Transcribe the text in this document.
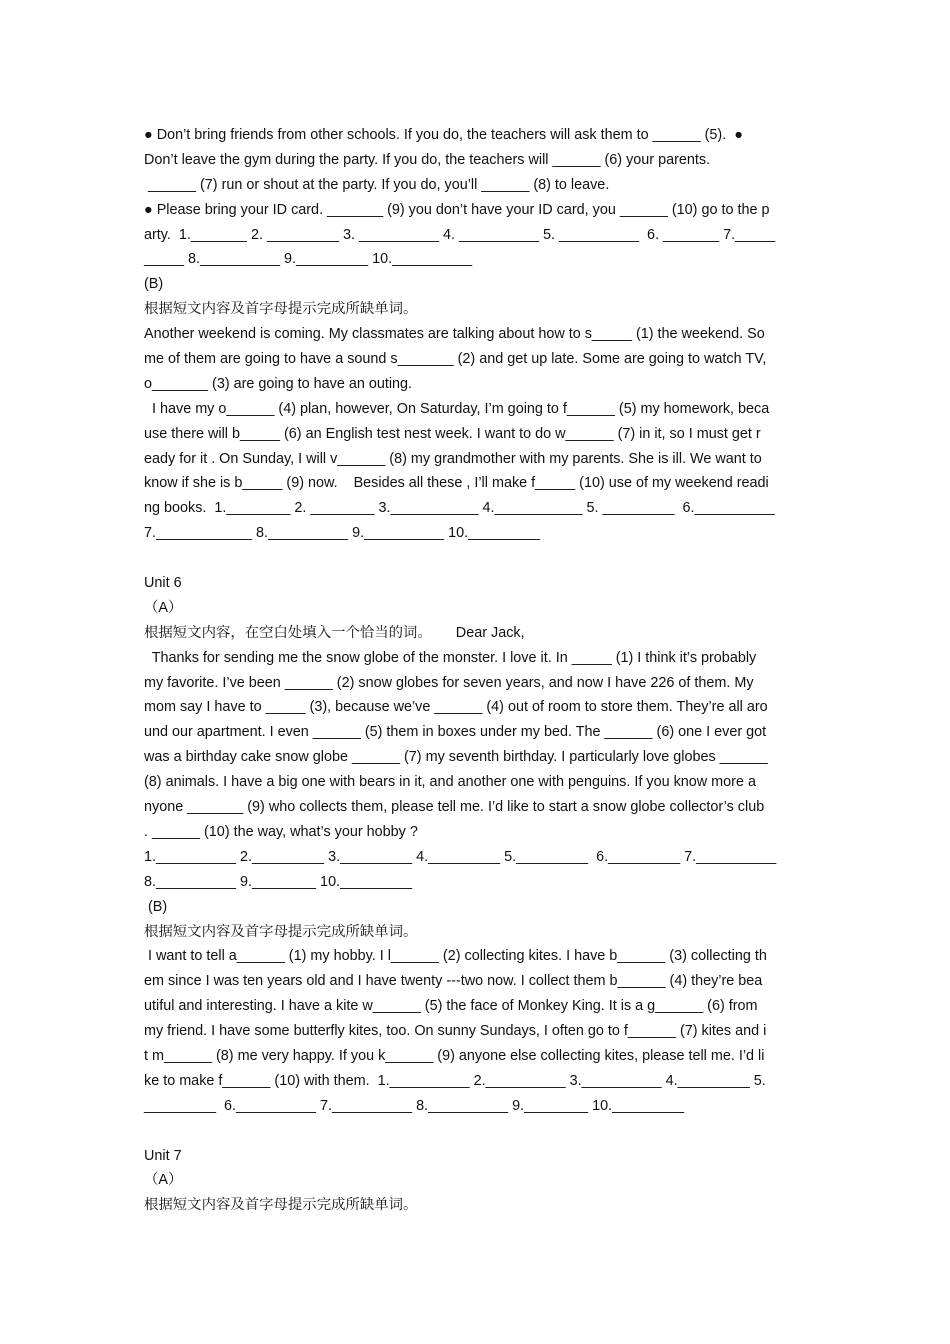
● Don’t bring friends from other schools. If you do, the teachers will ask them to ______ (5).  ●
Don’t leave the gym during the party. If you do, the teachers will ______ (6) your parents.
______ (7) run or shout at the party. If you do, you’ll ______ (8) to leave.
● Please bring your ID card. _______ (9) you don’t have your ID card, you ______ (10) go to the p
arty.  1._______ 2. _________ 3. __________ 4. __________ 5. __________  6. _______ 7._____
_____ 8.__________ 9._________ 10.__________
(B)
根据短文内容及首字母提示完成所缺单词。
Another weekend is coming. My classmates are talking about how to s_____ (1) the weekend. So
me of them are going to have a sound s_______ (2) and get up late. Some are going to watch TV,
o_______ (3) are going to have an outing.
I have my o______ (4) plan, however, On Saturday, I’m going to f______ (5) my homework, beca
use there will b_____ (6) an English test nest week. I want to do w______ (7) in it, so I must get r
eady for it . On Sunday, I will v______ (8) my grandmother with my parents. She is ill. We want to
know if she is b_____ (9) now.    Besides all these , I’ll make f_____ (10) use of my weekend readi
ng books.  1.________ 2. ________ 3.___________ 4.___________ 5. _________  6.__________
7.____________ 8.__________ 9.__________ 10._________
Unit 6
（A）
根据短文内容，在空白处填入一个恰当的词。      Dear Jack,
Thanks for sending me the snow globe of the monster. I love it. In _____ (1) I think it’s probably
my favorite. I’ve been ______ (2) snow globes for seven years, and now I have 226 of them. My
mom say I have to _____ (3), because we’ve ______ (4) out of room to store them. They’re all aro
und our apartment. I even ______ (5) them in boxes under my bed. The ______ (6) one I ever got
was a birthday cake snow globe ______ (7) my seventh birthday. I particularly love globes ______
(8) animals. I have a big one with bears in it, and another one with penguins. If you know more a
nyone _______ (9) who collects them, please tell me. I’d like to start a snow globe collector’s club
. ______ (10) the way, what’s your hobby ?
1.__________ 2._________ 3._________ 4._________ 5._________  6._________ 7.__________
8.__________ 9.________ 10._________
(B)
根据短文内容及首字母提示完成所缺单词。
I want to tell a______ (1) my hobby. I l______ (2) collecting kites. I have b______ (3) collecting th
em since I was ten years old and I have twenty ---two now. I collect them b______ (4) they’re bea
utiful and interesting. I have a kite w______ (5) the face of Monkey King. It is a g______ (6) from
my friend. I have some butterfly kites, too. On sunny Sundays, I often go to f______ (7) kites and i
t m______ (8) me very happy. If you k______ (9) anyone else collecting kites, please tell me. I’d li
ke to make f______ (10) with them.  1.__________ 2.__________ 3.__________ 4._________ 5.
_________  6.__________ 7.__________ 8.__________ 9.________ 10._________
Unit 7
（A）
根据短文内容及首字母提示完成所缺单词。
